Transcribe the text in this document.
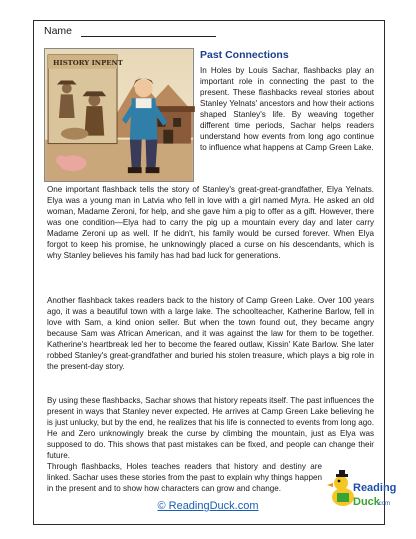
Name
HISTORY INPENT
Past Connections

In Holes by Louis Sachar, flashbacks play an important role in connecting the past to the present. These flashbacks reveal stories about Stanley Yelnats' ancestors and how their actions shaped Stanley's life. By weaving together different time periods, Sachar helps readers understand how events from long ago continue to influence what happens at Camp Green Lake.

One important flashback tells the story of Stanley's great-great-grandfather, Elya Yelnats. Elya was a young man in Latvia who fell in love with a girl named Myra. He asked an old woman, Madame Zeroni, for help, and she gave him a pig to offer as a gift. However, there was one condition—Elya had to carry the pig up a mountain every day and later carry Madame Zeroni up as well. If he didn't, his family would be cursed forever. When Elya forgot to keep his promise, he unknowingly placed a curse on his descendants, which is why Stanley believes his family has had bad luck for generations.

Another flashback takes readers back to the history of Camp Green Lake. Over 100 years ago, it was a beautiful town with a large lake. The schoolteacher, Katherine Barlow, fell in love with Sam, a kind onion seller. But when the town found out, they became angry because Sam was African American, and it was against the law for them to be together. Katherine's heartbreak led her to become the feared outlaw, Kissin' Kate Barlow. She later robbed Stanley's great-grandfather and buried his stolen treasure, which plays a big role in the present-day story.

By using these flashbacks, Sachar shows that history repeats itself. The past influences the present in ways that Stanley never expected. He arrives at Camp Green Lake believing he is just unlucky, but by the end, he realizes that his life is connected to events from long ago. He and Zero unknowingly break the curse by climbing the mountain, just as Elya was supposed to do. This shows that past mistakes can be fixed, and people can change their future.

Through flashbacks, Holes teaches readers that history and destiny are linked. Sachar uses these stories from the past to explain why things happen in the present and to show how characters can grow and change.

© ReadingDuck.com
Reading
Duck
.com
